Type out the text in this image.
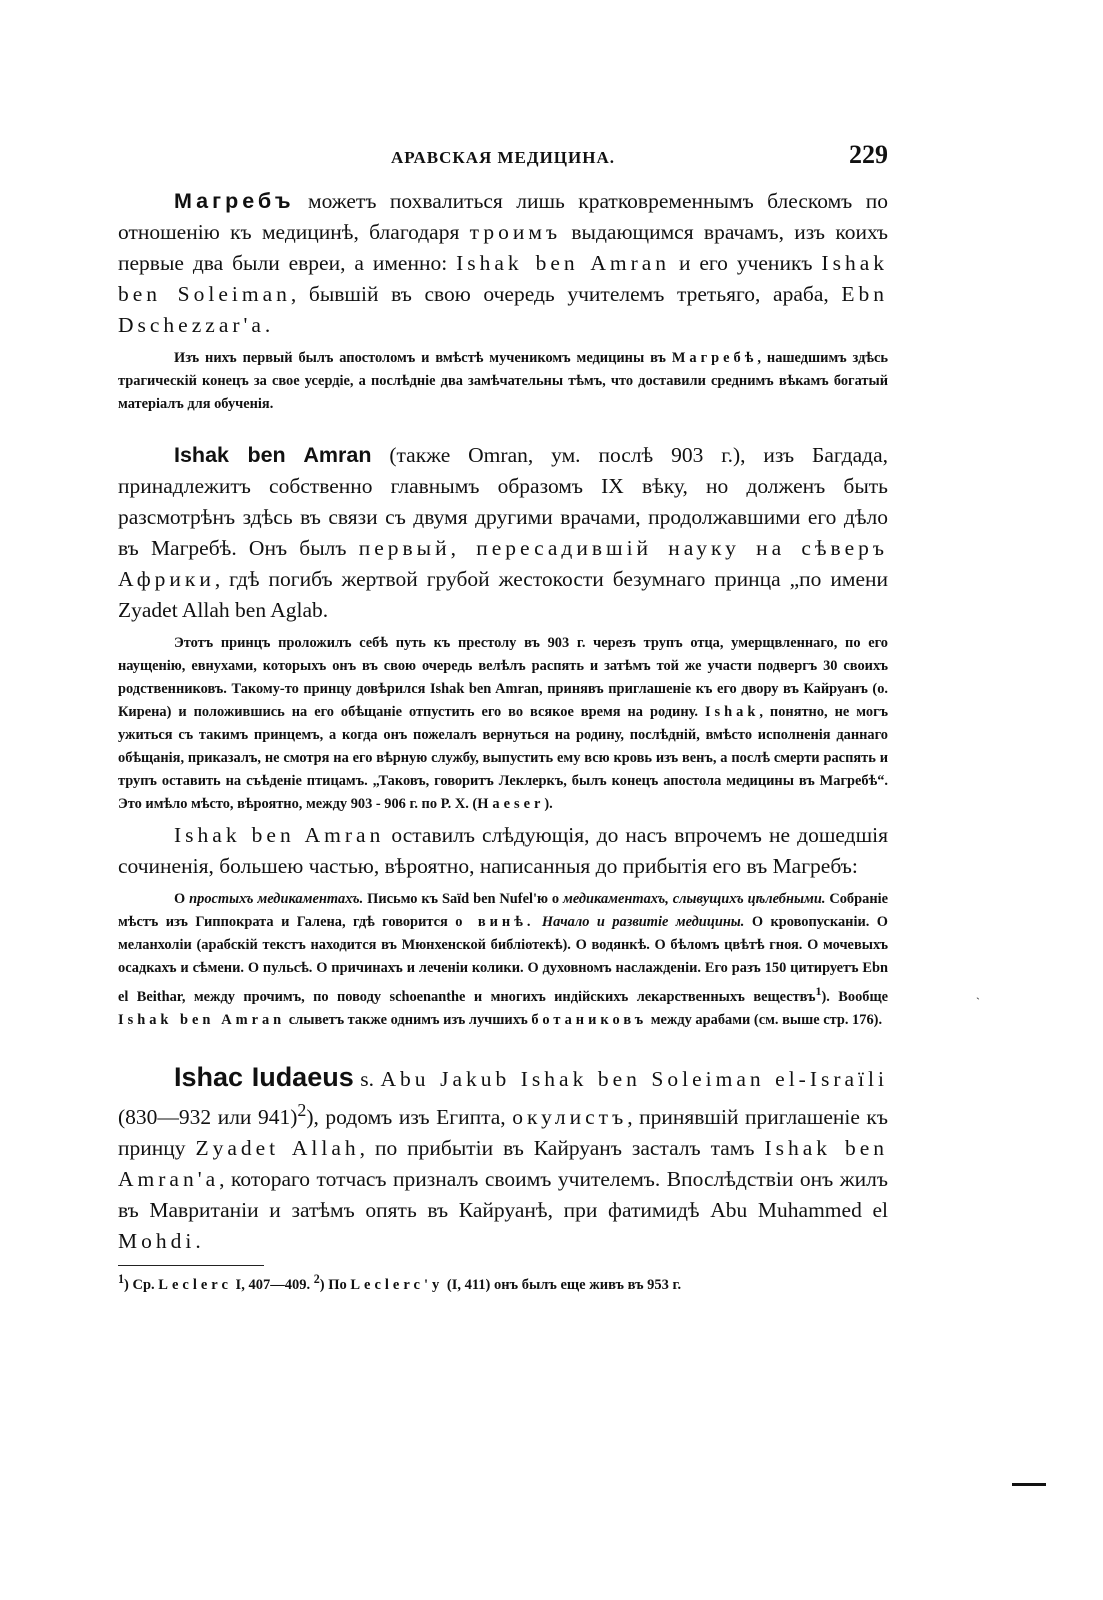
АРАВСКАЯ МЕДИЦИНА.	229

Магребъ можетъ похвалиться лишь кратковременнымъ блескомъ по отношенію къ медицинѣ, благодаря троимъ выдающимся врачамъ, изъ коихъ первые два были евреи, а именно: Ishak ben Amran и его ученикъ Ishak ben Soleiman, бывшій въ свою очередь учителемъ третьяго, араба, Ebn Dschezzar'а.

Изъ нихъ первый былъ апостоломъ и вмѣстѣ мученикомъ медицины въ Магребѣ, нашедшимъ здѣсь трагическій конецъ за свое усердіе, а послѣдніе два замѣчательны тѣмъ, что доставили среднимъ вѣкамъ богатый матеріалъ для обученія.

Ishak ben Amran (также Omran, ум. послѣ 903 г.), изъ Багдада, принадлежитъ собственно главнымъ образомъ IX вѣку, но долженъ быть разсмотрѣнъ здѣсь въ связи съ двумя другими врачами, продолжавшими его дѣло въ Магребѣ. Онъ былъ первый, пересадившій науку на сѣверъ Африки, гдѣ погибъ жертвой грубой жестокости безумнаго принца „по имени Zyadet Allah ben Aglab.

Этотъ принцъ проложилъ себѣ путь къ престолу въ 903 г. черезъ трупъ отца, умерщвленнаго, по его наущенію, евнухами, которыхъ онъ въ свою очередь велѣлъ распять и затѣмъ той же участи подвергъ 30 своихъ родственниковъ. Такому-то принцу довѣрился Ishak ben Amran, принявъ приглашеніе къ его двору въ Кайруанъ (о. Кирена) и положившись на его обѣщаніе отпустить его во всякое время на родину. Ishak, понятно, не могъ ужиться съ такимъ принцемъ, а когда онъ пожелалъ вернуться на родину, послѣдній, вмѣсто исполненія даннаго обѣщанія, приказалъ, не смотря на его вѣрную службу, выпустить ему всю кровь изъ венъ, а послѣ смерти распять и трупъ оставить на съѣденіе птицамъ. „Таковъ, говоритъ Леклеркъ, былъ конецъ апостола медицины въ Магребѣ“. Это имѣло мѣсто, вѣроятно, между 903 - 906 г. по Р. Х. (Haeser).

Ishak ben Amran оставилъ слѣдующія, до насъ впрочемъ не дошедшія сочиненія, большею частью, вѣроятно, написанныя до прибытія его въ Магребъ:

О простыхъ медикаментахъ. Письмо къ Saïd ben Nufel'ю о медикаментахъ, слывущихъ цѣлебными. Собраніе мѣстъ изъ Гиппократа и Галена, гдѣ говорится о винѣ. Начало и развитіе медицины. О кровопусканіи. О меланхоліи (арабскій текстъ находится въ Мюнхенской библіотекѣ). О водянкѣ. О бѣломъ цвѣтѣ гноя. О мочевыхъ осадкахъ и сѣмени. О пульсѣ. О причинахъ и леченіи колики. О духовномъ наслажденіи. Его разъ 150 цитируетъ Ebn el Beithar, между прочимъ, по поводу schoenanthe и многихъ индійскихъ лекарственныхъ веществъ$^1$). Вообще Ishak ben Amran слыветъ также однимъ изъ лучшихъ ботаниковъ между арабами (см. выше стр. 176).

Ishac Iudaeus s. Abu Jakub Ishak ben Soleiman el-Israïli (830—932 или 941)$^2$), родомъ изъ Египта, окулистъ, принявшій приглашеніе къ принцу Zyadet Allah, по прибытіи въ Кайруанъ засталъ тамъ Ishak ben Amran'а, котораго тотчасъ призналъ своимъ учителемъ. Впослѣдствіи онъ жилъ въ Мавританіи и затѣмъ опять въ Кайруанѣ, при фатимидѣ Abu Muhammed el Mohdi.

$^1$) Cp. Leclerc I, 407—409. $^2$) По Leclerc'у (I, 411) онъ былъ еще живъ въ 953 г.
`
